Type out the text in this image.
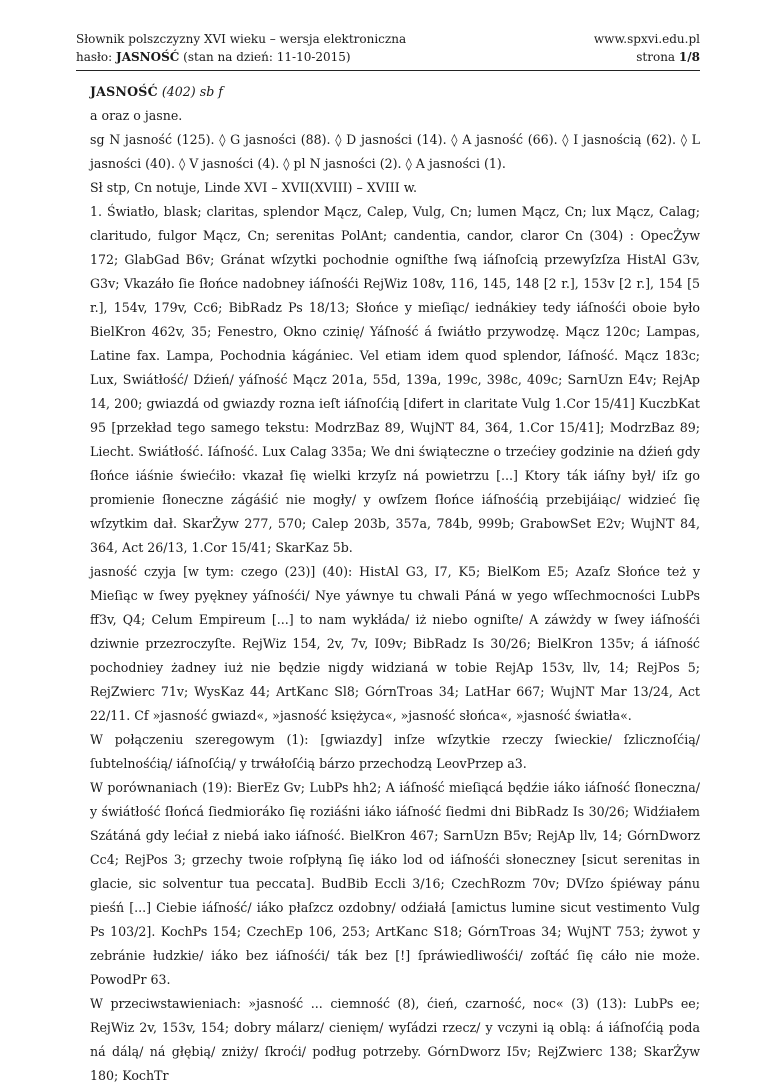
Słownik polszczyzny XVI wieku – wersja elektroniczna
hasło: JASNOŚĆ (stan na dzień: 11-10-2015)
www.spxvi.edu.pl
strona 1/8

JASNOŚĆ (402) sb f

a oraz o jasne.

sg N jasność (125). ◊ G jasności (88). ◊ D jasności (14). ◊ A jasność (66). ◊ I jasnością (62). ◊ L jasności (40). ◊ V jasności (4). ◊ pl N jasności (2). ◊ A jasności (1).

Sł stp, Cn notuje, Linde XVI – XVII(XVIII) – XVIII w.

1. Światło, blask; claritas, splendor Mącz, Calep, Vulg, Cn; lumen Mącz, Cn; lux Mącz, Calag; claritudo, fulgor Mącz, Cn; serenitas PolAnt; candentia, candor, claror Cn (304) : OpecŻyw 172; GlabGad B6v; Gránat wſzytki pochodnie ogniſthe ſwą iáſnoſcią przewyſzſza HistAl G3v, G3v; Vkazáło ſie ſłońce nadobney iáſnośći RejWiz 108v, 116, 145, 148 [2 r.], 153v [2 r.], 154 [5 r.], 154v, 179v, Cc6; BibRadz Ps 18/13; Słońce y mieſiąc/ iednákiey tedy iáſnośći oboie było BielKron 462v, 35; Fenestro, Okno czinię/ Yáſność á ſwiátło przywodzę. Mącz 120c; Lampas, Latine fax. Lampa, Pochodnia kágániec. Vel etiam idem quod splendor, Iáſność. Mącz 183c; Lux, Swiátłość/ Dźień/ yáſność Mącz 201a, 55d, 139a, 199c, 398c, 409c; SarnUzn E4v; RejAp 14, 200; gwiazdá od gwiazdy rozna ieſt iáſnoſćią [difert in claritate Vulg 1.Cor 15/41] KuczbKat 95 [przekład tego samego tekstu: ModrzBaz 89, WujNT 84, 364, 1.Cor 15/41]; ModrzBaz 89; Liecht. Swiátłość. Iáſność. Lux Calag 335a; We dni świąteczne o trzećiey godzinie na dźień gdy ſłońce iáśnie świećiło: vkazał ſię wielki krzyſz ná powietrzu [...] Ktory ták iáſny był/ iſz go promienie ſłoneczne zágáśić nie mogły/ y owſzem ſłońce iáſnośćią przebijáiąc/ widzieć ſię wſzytkim dał. SkarŻyw 277, 570; Calep 203b, 357a, 784b, 999b; GrabowSet E2v; WujNT 84, 364, Act 26/13, 1.Cor 15/41; SkarKaz 5b.

jasność czyja [w tym: czego (23)] (40): HistAl G3, I7, K5; BielKom E5; Azaſz Słońce też y Mieſiąc w ſwey pyękney yáſnośći/ Nye yáwnye tu chwali Páná w yego wſſechmocności LubPs ff3v, Q4; Celum Empireum [...] to nam wykłáda/ iż niebo ogniſte/ A záwżdy w ſwey iáſnośći dziwnie przezroczyſte. RejWiz 154, 2v, 7v, I09v; BibRadz Is 30/26; BielKron 135v; á iáſność pochodniey żadney iuż nie będzie nigdy widzianá w tobie RejAp 153v, llv, 14; RejPos 5; RejZwierc 71v; WysKaz 44; ArtKanc Sl8; GórnTroas 34; LatHar 667; WujNT Mar 13/24, Act 22/11. Cf »jasność gwiazd«, »jasność księżyca«, »jasność słońca«, »jasność światła«.

W połączeniu szeregowym (1): [gwiazdy] inſze wſzytkie rzeczy ſwieckie/ ſzlicznoſćią/ ſubtelnośćią/ iáſnoſćią/ y trwáłoſćią bárzo przechodzą LeovPrzep a3.

W porównaniach (19): BierEz Gv; LubPs hh2; A iáſność mieſiącá będźie iáko iáſność ſłoneczna/ y świátłość ſłońcá ſiedmioráko ſię roziáśni iáko iáſność ſiedmi dni BibRadz Is 30/26; Widźiałem Szátáná gdy lećiał z niebá iako iáſność. BielKron 467; SarnUzn B5v; RejAp llv, 14; GórnDworz Cc4; RejPos 3; grzechy twoie roſpłyną ſię iáko lod od iáſnośći słoneczney [sicut serenitas in glacie, sic solventur tua peccata]. BudBib Eccli 3/16; CzechRozm 70v; DVſzo śpiéway pánu pieśń [...] Ciebie iáſność/ iáko płaſzcz ozdobny/ odźiałá [amictus lumine sicut vestimento Vulg Ps 103/2]. KochPs 154; CzechEp 106, 253; ArtKanc S18; GórnTroas 34; WujNT 753; żywot y zebránie łudzkie/ iáko bez iáſnośći/ ták bez [!] ſpráwiedliwośći/ zoſtáć ſię cáło nie może. PowodPr 63.

W przeciwstawieniach: »jasność ... ciemność (8), ćień, czarność, noc« (3) (13): LubPs ee; RejWiz 2v, 153v, 154; dobry málarz/ cienięm/ wyſádzi rzecz/ y vczyni ią oblą: á iáſnoſćią poda ná dálą/ ná głębią/ zniży/ ſkroći/ podług potrzeby. GórnDworz I5v; RejZwierc 138; SkarŻyw 180; KochTr
